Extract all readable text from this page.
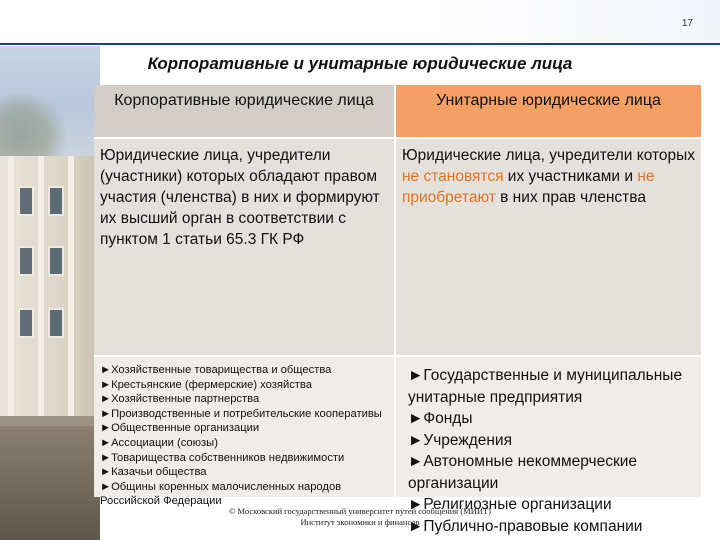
17
Корпоративные и унитарные юридические лица
Корпоративные юридические лица	Унитарные юридические лица
Юридические лица, учредители (участники) которых обладают правом участия (членства) в них и формируют их высший орган в соответствии с пунктом 1 статьи 65.3 ГК РФ
Юридические лица, учредители которых не становятся их участниками и не приобретают в них прав членства
►Хозяйственные товарищества и общества
►Крестьянские (фермерские) хозяйства
►Хозяйственные партнерства
►Производственные и потребительские кооперативы
►Общественные организации
►Ассоциации (союзы)
►Товарищества собственников недвижимости
►Казачьи общества
►Общины коренных малочисленных народов Российской Федерации
►Государственные и муниципальные унитарные предприятия
►Фонды
►Учреждения
►Автономные некоммерческие организации
►Религиозные организации
►Публично-правовые компании
© Московский государственный университет путей сообщения (МИИТ)
Институт экономики и финансов
